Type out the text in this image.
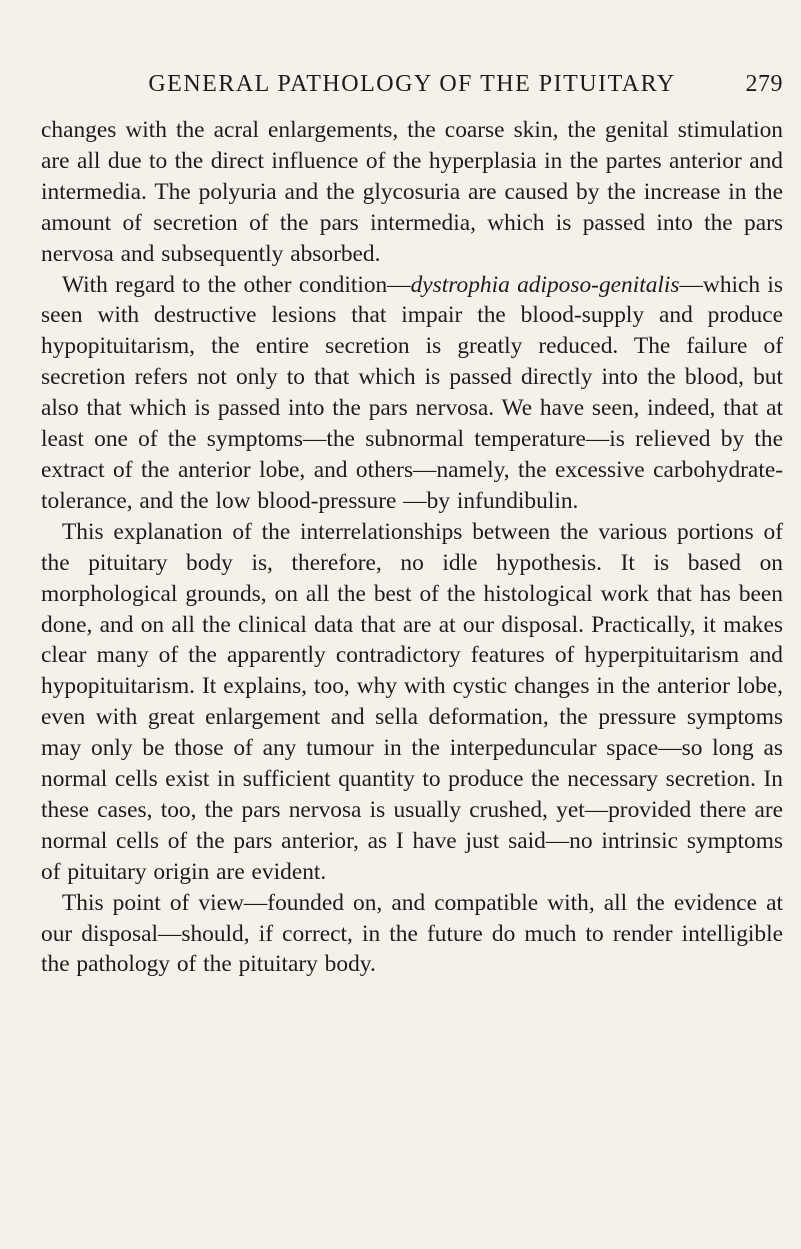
GENERAL PATHOLOGY OF THE PITUITARY	279

changes with the acral enlargements, the coarse skin, the genital stimulation are all due to the direct influence of the hyperplasia in the partes anterior and intermedia. The polyuria and the glycosuria are caused by the increase in the amount of secretion of the pars intermedia, which is passed into the pars nervosa and subsequently absorbed.

With regard to the other condition—dystrophia adiposo-genitalis—which is seen with destructive lesions that impair the blood-supply and produce hypopituitarism, the entire secretion is greatly reduced. The failure of secretion refers not only to that which is passed directly into the blood, but also that which is passed into the pars nervosa. We have seen, indeed, that at least one of the symptoms—the subnormal temperature—is relieved by the extract of the anterior lobe, and others—namely, the excessive carbohydrate-tolerance, and the low blood-pressure —by infundibulin.

This explanation of the interrelationships between the various portions of the pituitary body is, therefore, no idle hypothesis. It is based on morphological grounds, on all the best of the histological work that has been done, and on all the clinical data that are at our disposal. Practically, it makes clear many of the apparently contradictory features of hyperpituitarism and hypopituitarism. It explains, too, why with cystic changes in the anterior lobe, even with great enlargement and sella deformation, the pressure symptoms may only be those of any tumour in the interpeduncular space—so long as normal cells exist in sufficient quantity to produce the necessary secretion. In these cases, too, the pars nervosa is usually crushed, yet—provided there are normal cells of the pars anterior, as I have just said—no intrinsic symptoms of pituitary origin are evident.

This point of view—founded on, and compatible with, all the evidence at our disposal—should, if correct, in the future do much to render intelligible the pathology of the pituitary body.
